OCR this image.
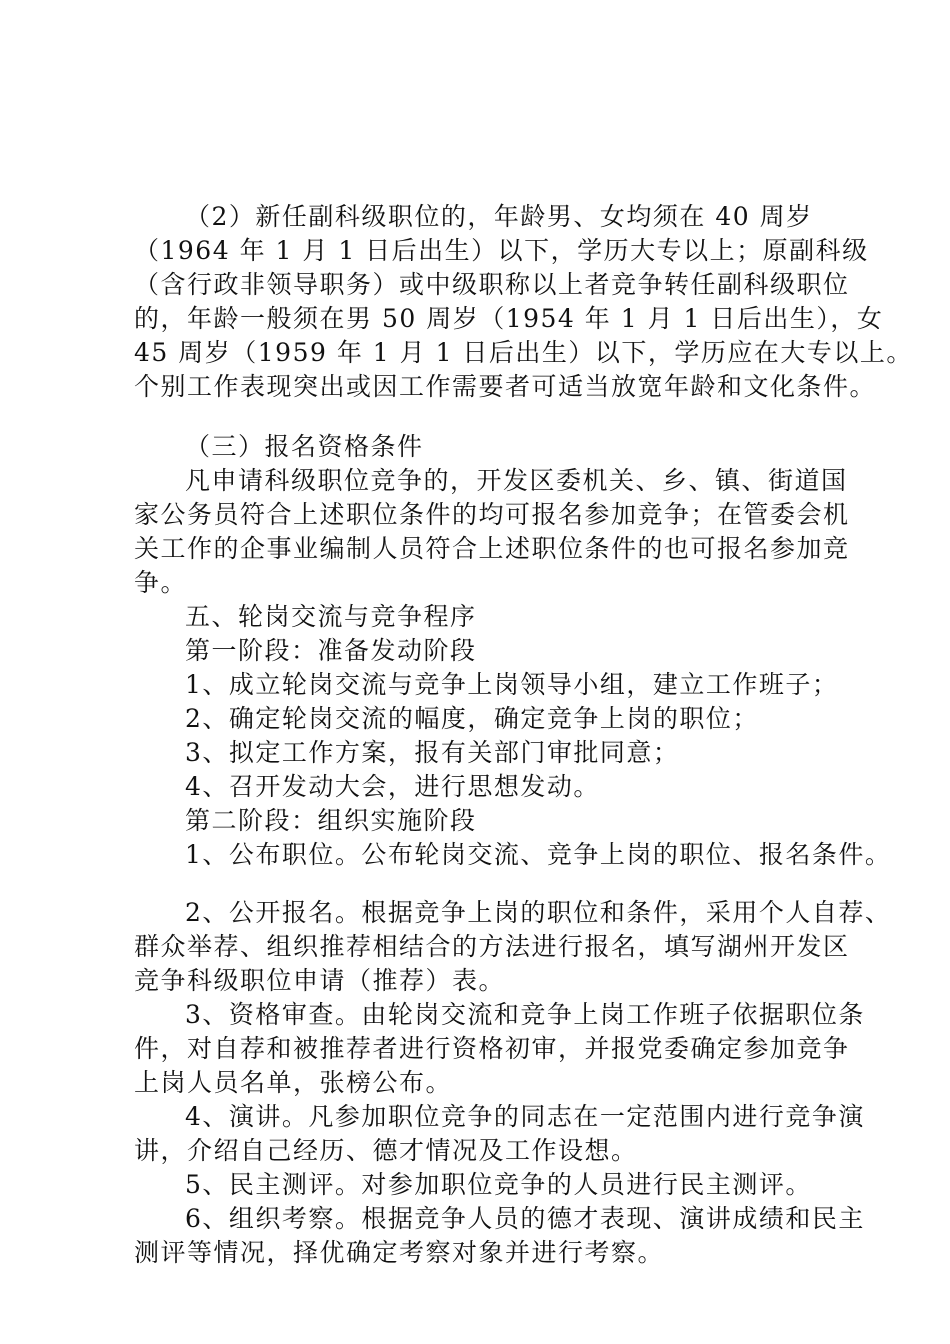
（2）新任副科级职位的，年龄男、女均须在 40 周岁
（1964 年 1 月 1 日后出生）以下，学历大专以上；原副科级
（含行政非领导职务）或中级职称以上者竞争转任副科级职位
的，年龄一般须在男 50 周岁（1954 年 1 月 1 日后出生），女
45 周岁（1959 年 1 月 1 日后出生）以下，学历应在大专以上。
个别工作表现突出或因工作需要者可适当放宽年龄和文化条件。
（三）报名资格条件
凡申请科级职位竞争的，开发区委机关、乡、镇、街道国
家公务员符合上述职位条件的均可报名参加竞争；在管委会机
关工作的企事业编制人员符合上述职位条件的也可报名参加竞
争。
五、轮岗交流与竞争程序
第一阶段：准备发动阶段
1、成立轮岗交流与竞争上岗领导小组，建立工作班子；
2、确定轮岗交流的幅度，确定竞争上岗的职位；
3、拟定工作方案，报有关部门审批同意；
4、召开发动大会，进行思想发动。
第二阶段：组织实施阶段
1、公布职位。公布轮岗交流、竞争上岗的职位、报名条件。
2、公开报名。根据竞争上岗的职位和条件，采用个人自荐、
群众举荐、组织推荐相结合的方法进行报名，填写湖州开发区
竞争科级职位申请（推荐）表。
3、资格审查。由轮岗交流和竞争上岗工作班子依据职位条
件，对自荐和被推荐者进行资格初审，并报党委确定参加竞争
上岗人员名单，张榜公布。
4、演讲。凡参加职位竞争的同志在一定范围内进行竞争演
讲，介绍自己经历、德才情况及工作设想。
5、民主测评。对参加职位竞争的人员进行民主测评。
6、组织考察。根据竞争人员的德才表现、演讲成绩和民主
测评等情况，择优确定考察对象并进行考察。
